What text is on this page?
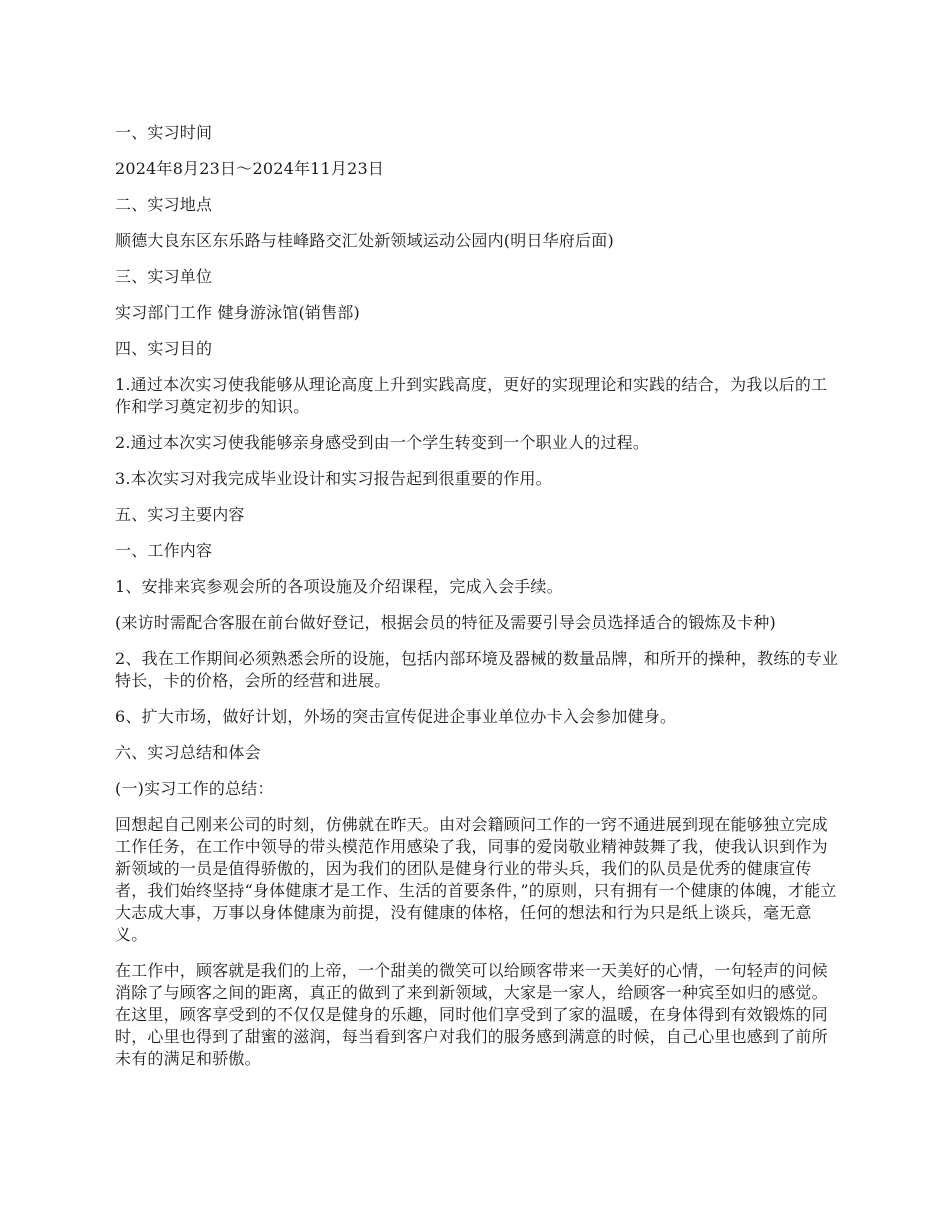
一、实习时间

2024年8月23日～2024年11月23日

二、实习地点

顺德大良东区东乐路与桂峰路交汇处新领域运动公园内(明日华府后面)

三、实习单位

实习部门工作 健身游泳馆(销售部)

四、实习目的

1.通过本次实习使我能够从理论高度上升到实践高度，更好的实现理论和实践的结合，为我以后的工作和学习奠定初步的知识。

2.通过本次实习使我能够亲身感受到由一个学生转变到一个职业人的过程。

3.本次实习对我完成毕业设计和实习报告起到很重要的作用。

五、实习主要内容

一、工作内容

1、安排来宾参观会所的各项设施及介绍课程，完成入会手续。

(来访时需配合客服在前台做好登记，根据会员的特征及需要引导会员选择适合的锻炼及卡种)

2、我在工作期间必须熟悉会所的设施，包括内部环境及器械的数量品牌，和所开的操种，教练的专业特长，卡的价格，会所的经营和进展。

6、扩大市场，做好计划，外场的突击宣传促进企事业单位办卡入会参加健身。

六、实习总结和体会

(一)实习工作的总结：

回想起自己刚来公司的时刻，仿佛就在昨天。由对会籍顾问工作的一窍不通进展到现在能够独立完成工作任务，在工作中领导的带头模范作用感染了我，同事的爱岗敬业精神鼓舞了我，使我认识到作为新领域的一员是值得骄傲的，因为我们的团队是健身行业的带头兵，我们的队员是优秀的健康宣传者，我们始终坚持“身体健康才是工作、生活的首要条件，”的原则，只有拥有一个健康的体魄，才能立大志成大事，万事以身体健康为前提，没有健康的体格，任何的想法和行为只是纸上谈兵，毫无意义。

在工作中，顾客就是我们的上帝，一个甜美的微笑可以给顾客带来一天美好的心情，一句轻声的问候消除了与顾客之间的距离，真正的做到了来到新领域，大家是一家人，给顾客一种宾至如归的感觉。在这里，顾客享受到的不仅仅是健身的乐趣，同时他们享受到了家的温暖，在身体得到有效锻炼的同时，心里也得到了甜蜜的滋润，每当看到客户对我们的服务感到满意的时候，自己心里也感到了前所未有的满足和骄傲。
